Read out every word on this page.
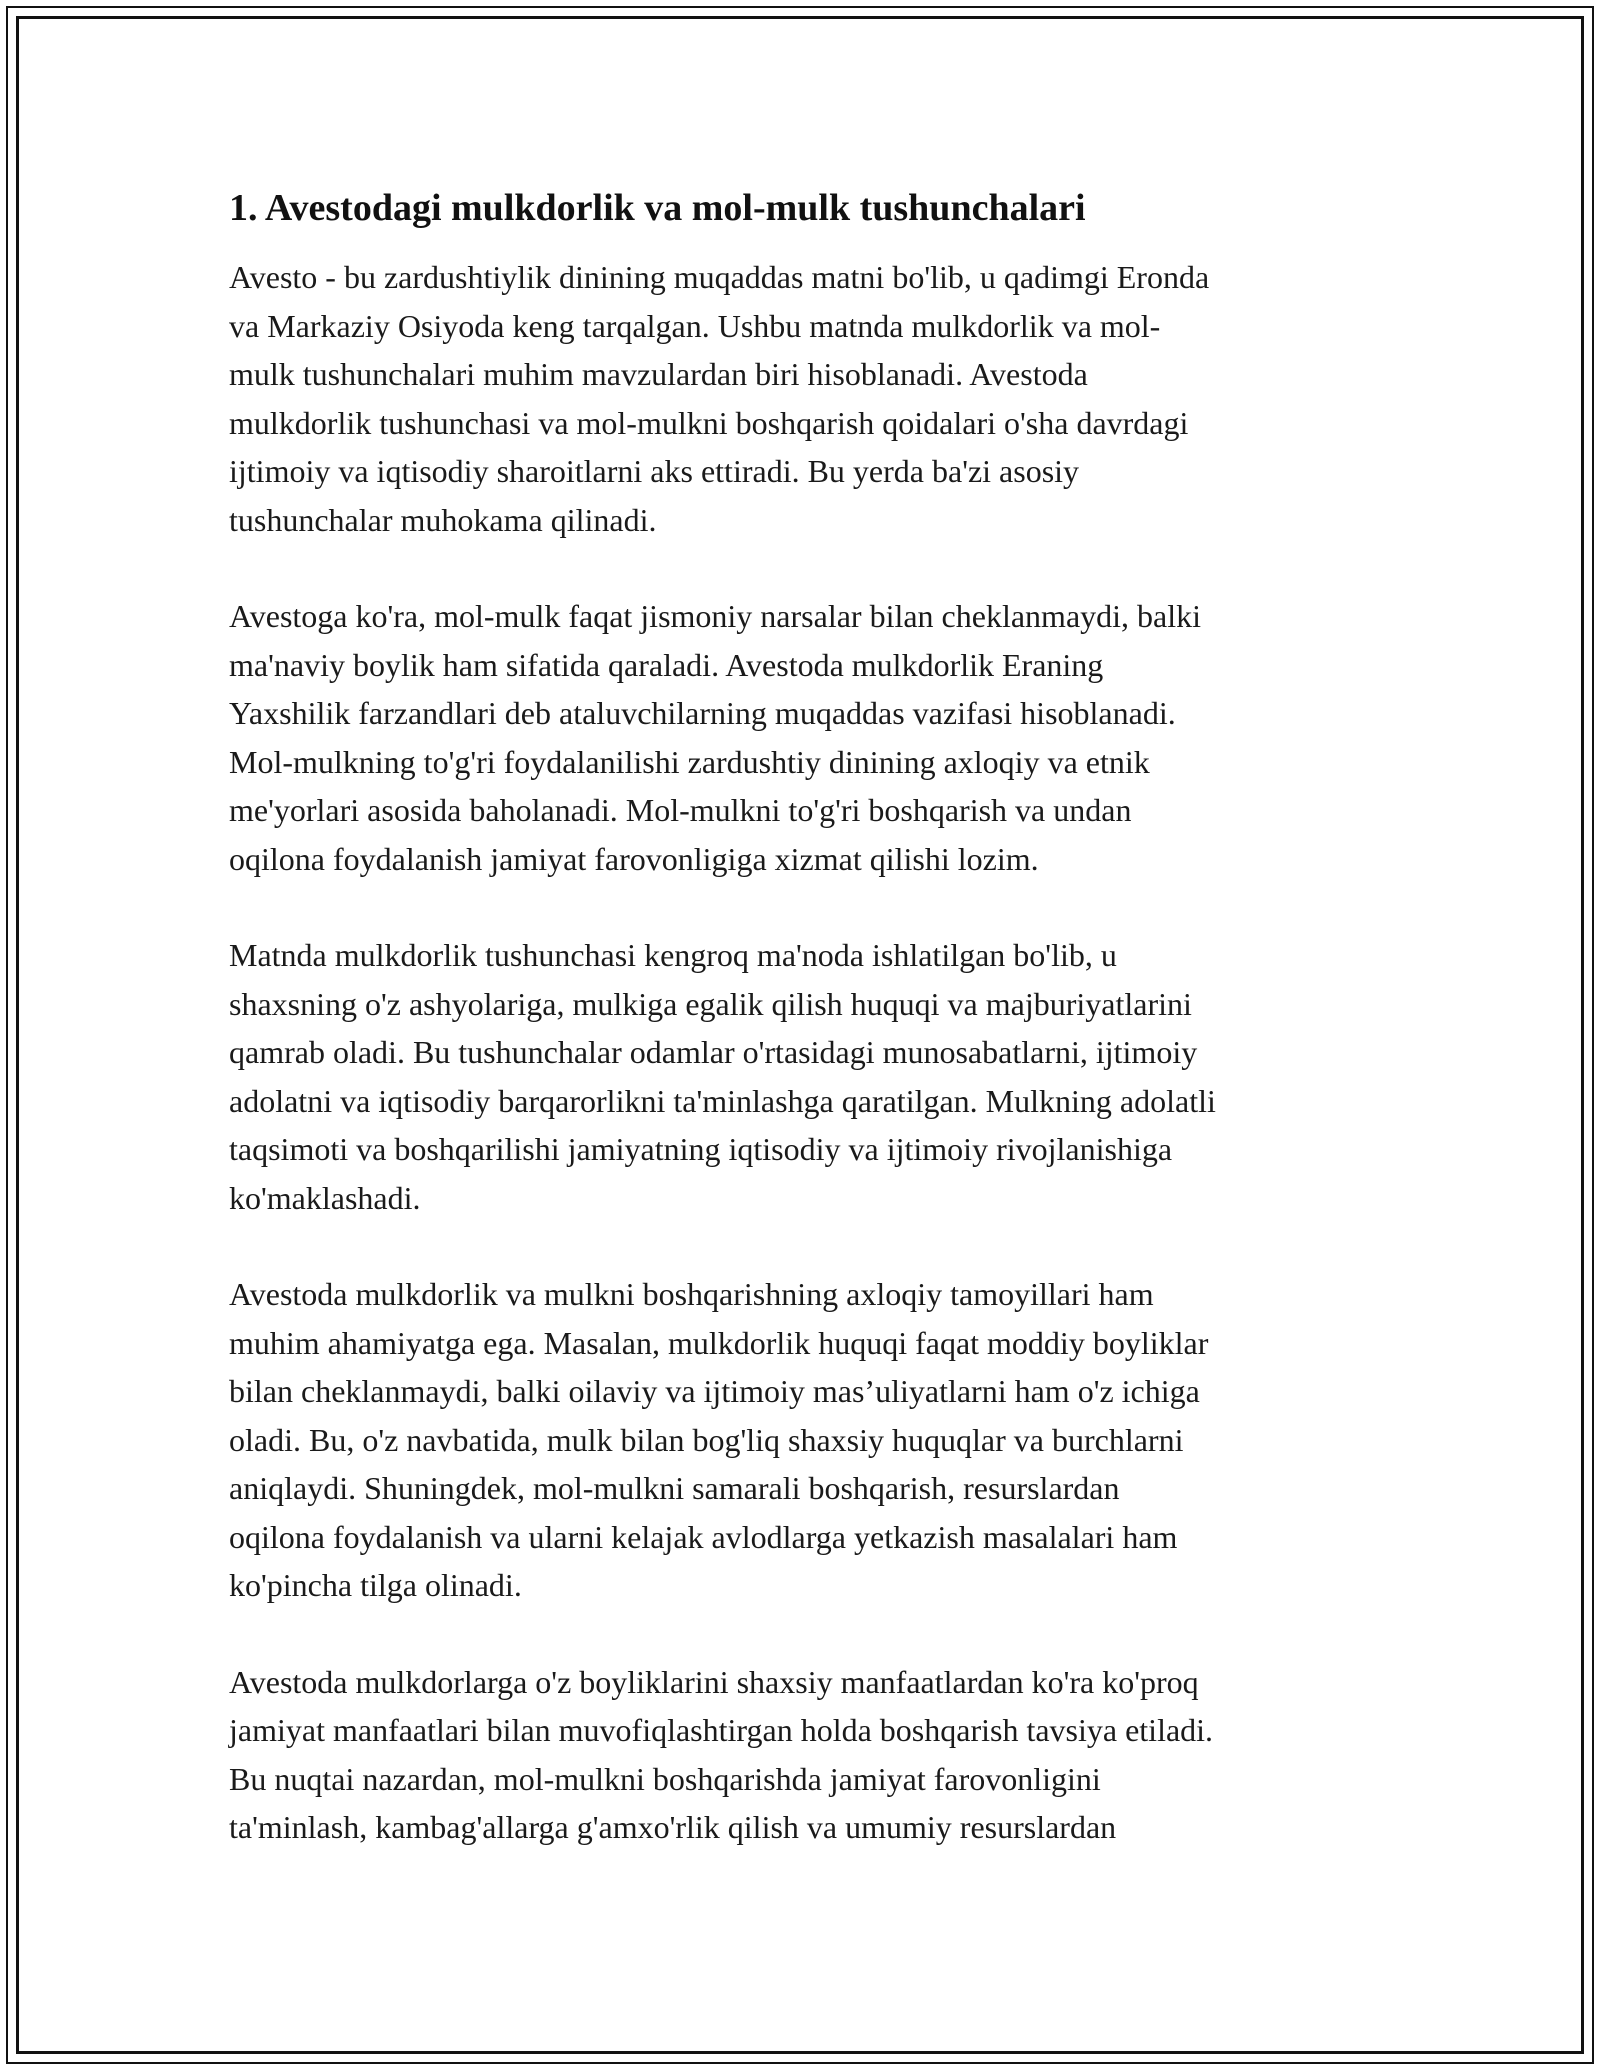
1. Avestodagi mulkdorlik va mol-mulk tushunchalari

Avesto - bu zardushtiylik dinining muqaddas matni bo'lib, u qadimgi Eronda
va Markaziy Osiyoda keng tarqalgan. Ushbu matnda mulkdorlik va mol-
mulk tushunchalari muhim mavzulardan biri hisoblanadi. Avestoda
mulkdorlik tushunchasi va mol-mulkni boshqarish qoidalari o'sha davrdagi
ijtimoiy va iqtisodiy sharoitlarni aks ettiradi. Bu yerda ba'zi asosiy
tushunchalar muhokama qilinadi.

Avestoga ko'ra, mol-mulk faqat jismoniy narsalar bilan cheklanmaydi, balki
ma'naviy boylik ham sifatida qaraladi. Avestoda mulkdorlik Eraning
Yaxshilik farzandlari deb ataluvchilarning muqaddas vazifasi hisoblanadi.
Mol-mulkning to'g'ri foydalanilishi zardushtiy dinining axloqiy va etnik
me'yorlari asosida baholanadi. Mol-mulkni to'g'ri boshqarish va undan
oqilona foydalanish jamiyat farovonligiga xizmat qilishi lozim.

Matnda mulkdorlik tushunchasi kengroq ma'noda ishlatilgan bo'lib, u
shaxsning o'z ashyolariga, mulkiga egalik qilish huquqi va majburiyatlarini
qamrab oladi. Bu tushunchalar odamlar o'rtasidagi munosabatlarni, ijtimoiy
adolatni va iqtisodiy barqarorlikni ta'minlashga qaratilgan. Mulkning adolatli
taqsimoti va boshqarilishi jamiyatning iqtisodiy va ijtimoiy rivojlanishiga
ko'maklashadi.

Avestoda mulkdorlik va mulkni boshqarishning axloqiy tamoyillari ham
muhim ahamiyatga ega. Masalan, mulkdorlik huquqi faqat moddiy boyliklar
bilan cheklanmaydi, balki oilaviy va ijtimoiy mas’uliyatlarni ham o'z ichiga
oladi. Bu, o'z navbatida, mulk bilan bog'liq shaxsiy huquqlar va burchlarni
aniqlaydi. Shuningdek, mol-mulkni samarali boshqarish, resurslardan
oqilona foydalanish va ularni kelajak avlodlarga yetkazish masalalari ham
ko'pincha tilga olinadi.

Avestoda mulkdorlarga o'z boyliklarini shaxsiy manfaatlardan ko'ra ko'proq
jamiyat manfaatlari bilan muvofiqlashtirgan holda boshqarish tavsiya etiladi.
Bu nuqtai nazardan, mol-mulkni boshqarishda jamiyat farovonligini
ta'minlash, kambag'allarga g'amxo'rlik qilish va umumiy resurslardan
